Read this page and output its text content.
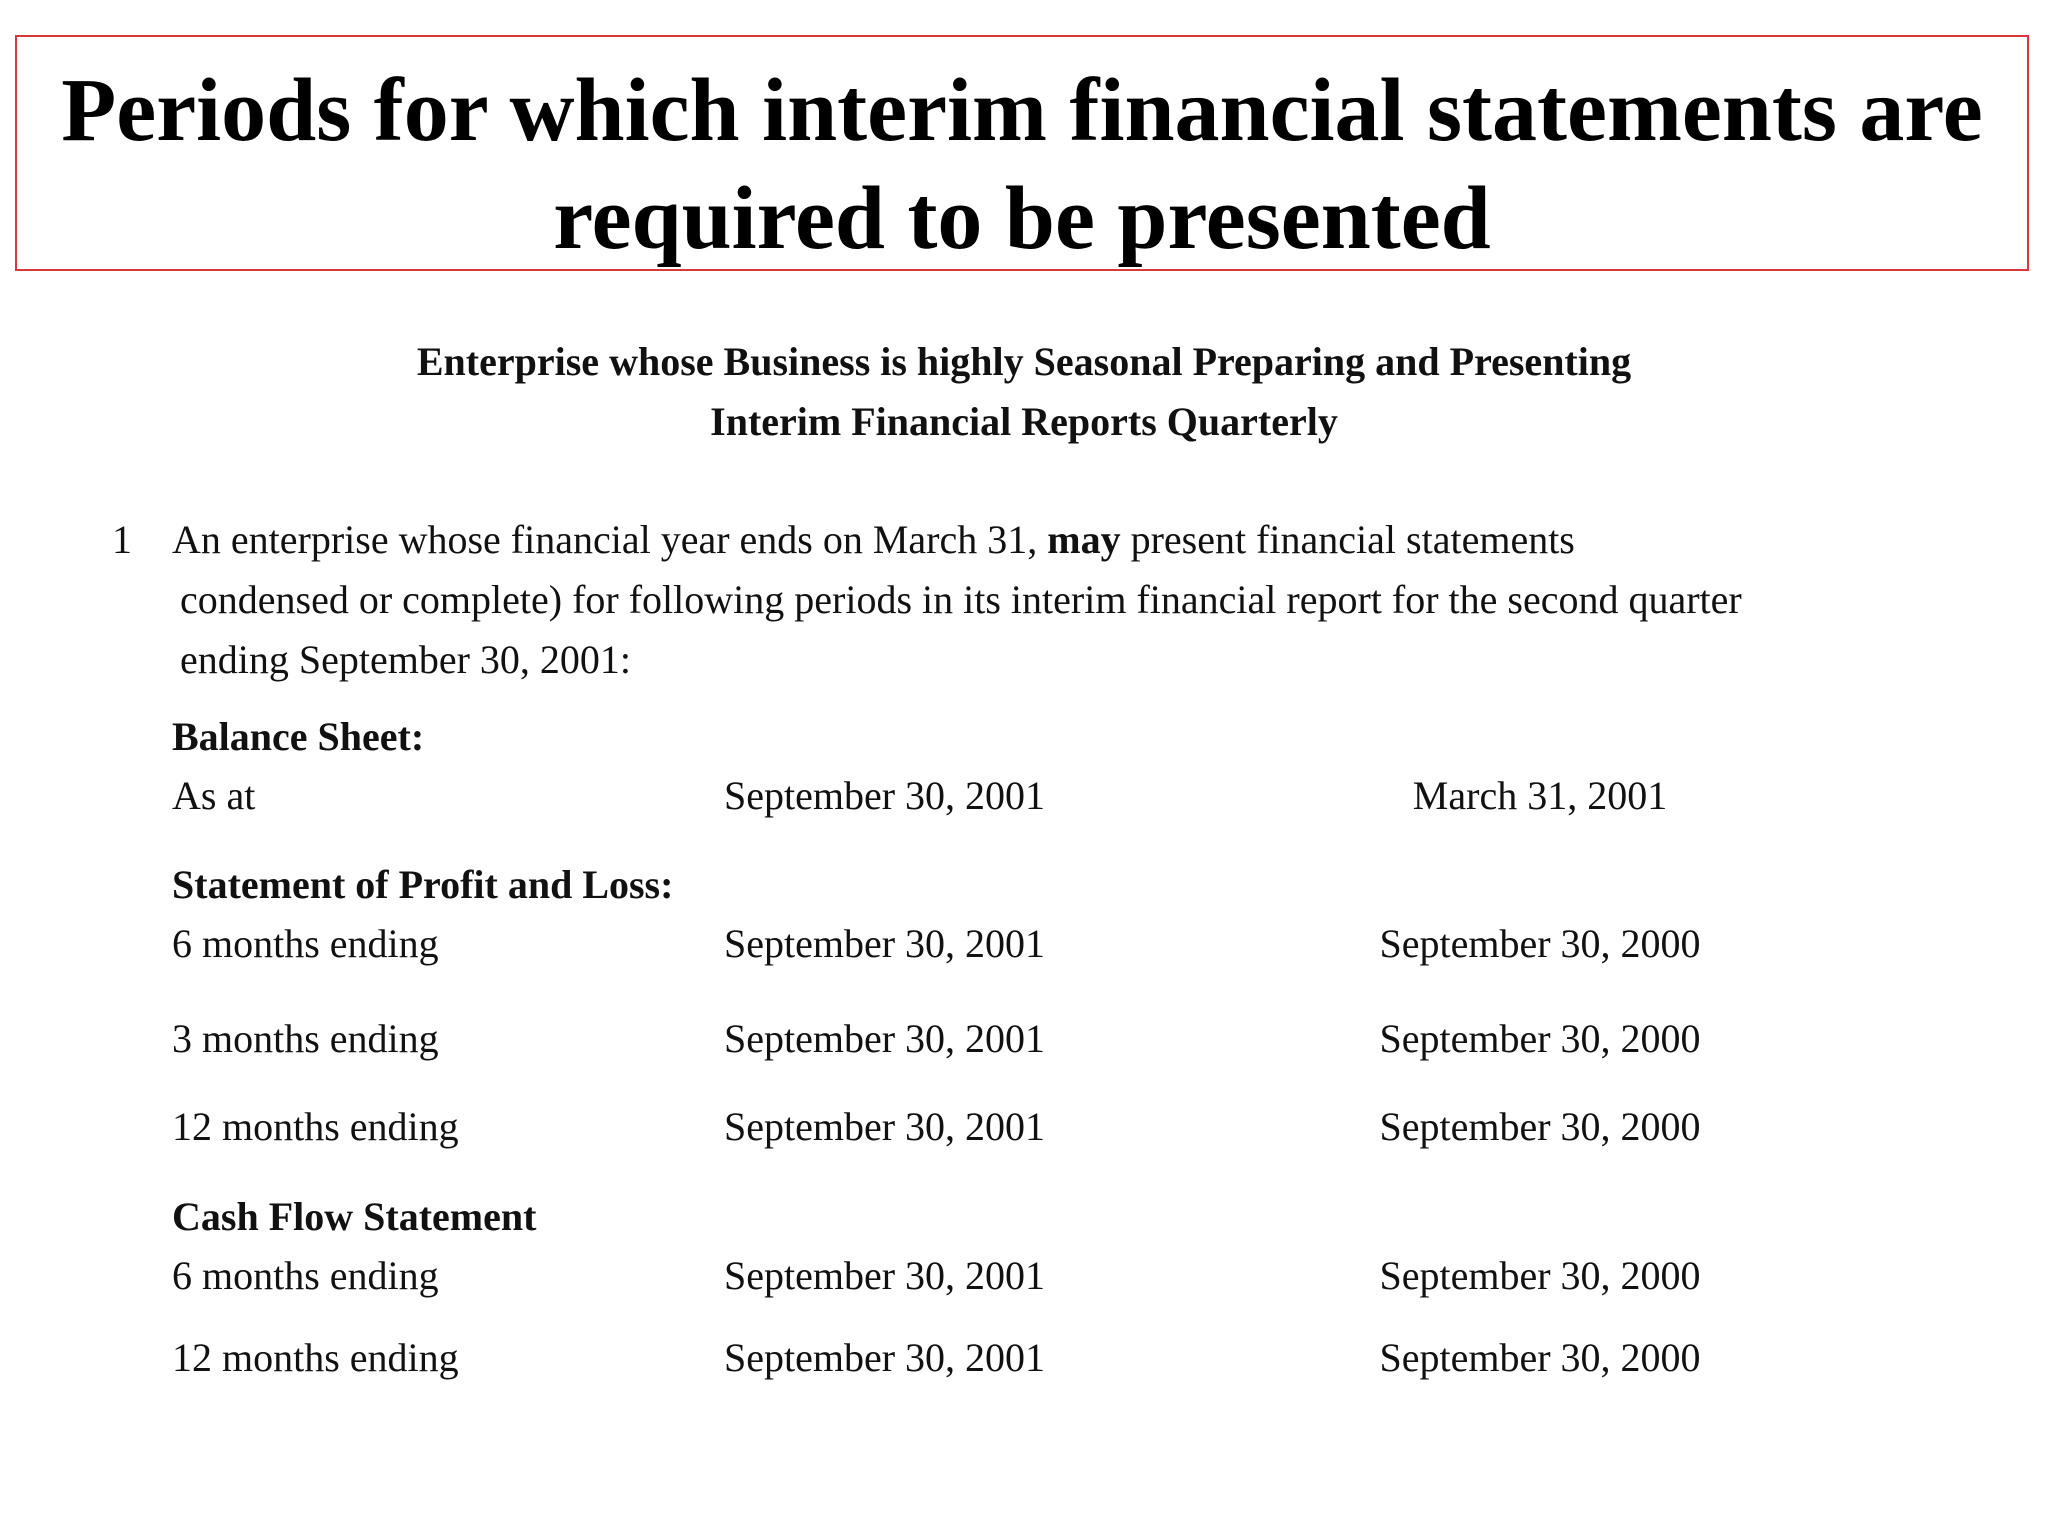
Periods for which interim financial statements are
required to be presented
Enterprise whose Business is highly Seasonal Preparing and Presenting
Interim Financial Reports Quarterly
1 An enterprise whose financial year ends on March 31, may present financial statements
condensed or complete) for following periods in its interim financial report for the second quarter
ending September 30, 2001:
Balance Sheet:
As at	September 30, 2001	March 31, 2001
Statement of Profit and Loss:
6 months ending	September 30, 2001	September 30, 2000
3 months ending	September 30, 2001	September 30, 2000
12 months ending	September 30, 2001	September 30, 2000
Cash Flow Statement
6 months ending	September 30, 2001	September 30, 2000
12 months ending	September 30, 2001	September 30, 2000
